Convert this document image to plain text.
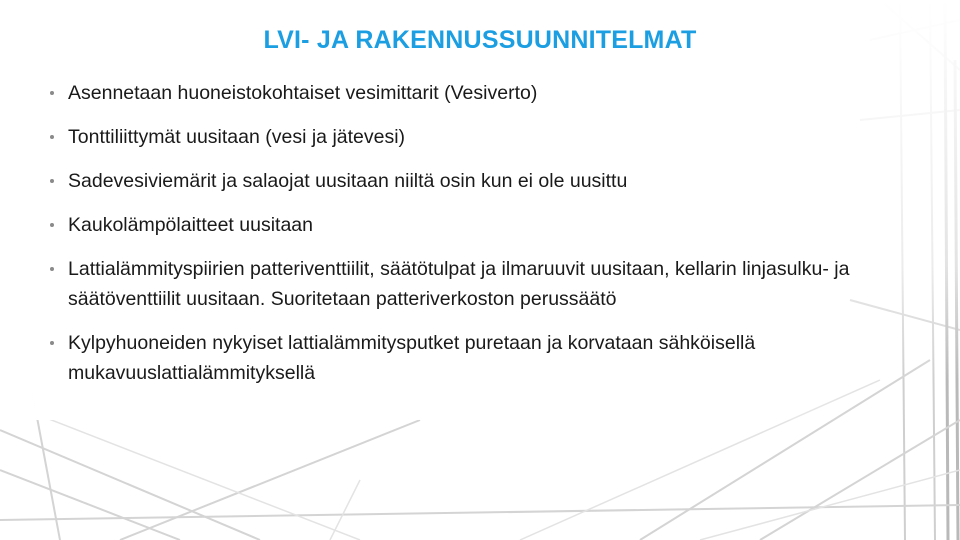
LVI- JA RAKENNUSSUUNNITELMAT
Asennetaan huoneistokohtaiset vesimittarit (Vesiverto)
Tonttiliittymät uusitaan (vesi ja jätevesi)
Sadevesiviemärit ja salaojat uusitaan niiltä osin kun ei ole uusittu
Kaukolämpölaitteet uusitaan
Lattialämmityspiirien patteriventtiilit, säätötulpat ja ilmaruuvit uusitaan, kellarin linjasulku- ja säätöventtiilit uusitaan. Suoritetaan patteriverkoston perussäätö
Kylpyhuoneiden nykyiset lattialämmitysputket puretaan ja korvataan sähköisellä mukavuuslattialämmityksellä
